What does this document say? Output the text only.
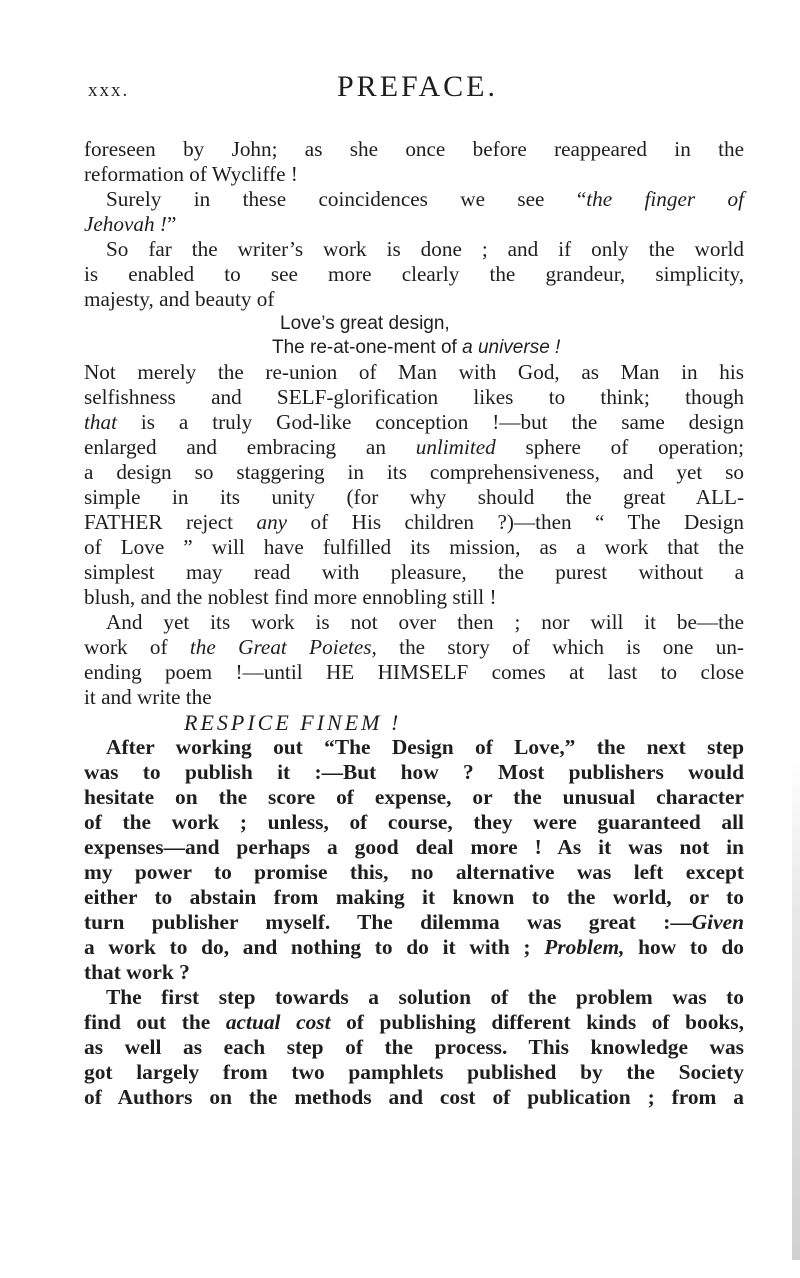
xxx.	PREFACE.

foreseen by John; as she once before reappeared in the

reformation of Wycliffe !

Surely in these coincidences we see “the finger of

Jehovah !”

So far the writer’s work is done ; and if only the world

is enabled to see more clearly the grandeur, simplicity,

majesty, and beauty of

Love’s great design,

The re-at-one-ment of a universe !

Not merely the re-union of Man with God, as Man in his

selfishness and SELF-glorification likes to think; though

that is a truly God-like conception !—but the same design

enlarged and embracing an unlimited sphere of operation;

a design so staggering in its comprehensiveness, and yet so

simple in its unity (for why should the great ALL-

FATHER reject any of His children ?)—then “ The Design

of Love ” will have fulfilled its mission, as a work that the

simplest may read with pleasure, the purest without a

blush, and the noblest find more ennobling still !

And yet its work is not over then ; nor will it be—the

work of the Great Poietes, the story of which is one un-

ending poem !—until HE HIMSELF comes at last to close

it and write the

RESPICE FINEM !

After working out “The Design of Love,” the next step

was to publish it :—But how ? Most publishers would

hesitate on the score of expense, or the unusual character

of the work ; unless, of course, they were guaranteed all

expenses—and perhaps a good deal more ! As it was not in

my power to promise this, no alternative was left except

either to abstain from making it known to the world, or to

turn publisher myself. The dilemma was great :—Given

a work to do, and nothing to do it with ; Problem, how to do

that work ?

The first step towards a solution of the problem was to

find out the actual cost of publishing different kinds of books,

as well as each step of the process. This knowledge was

got largely from two pamphlets published by the Society

of Authors on the methods and cost of publication ; from a
